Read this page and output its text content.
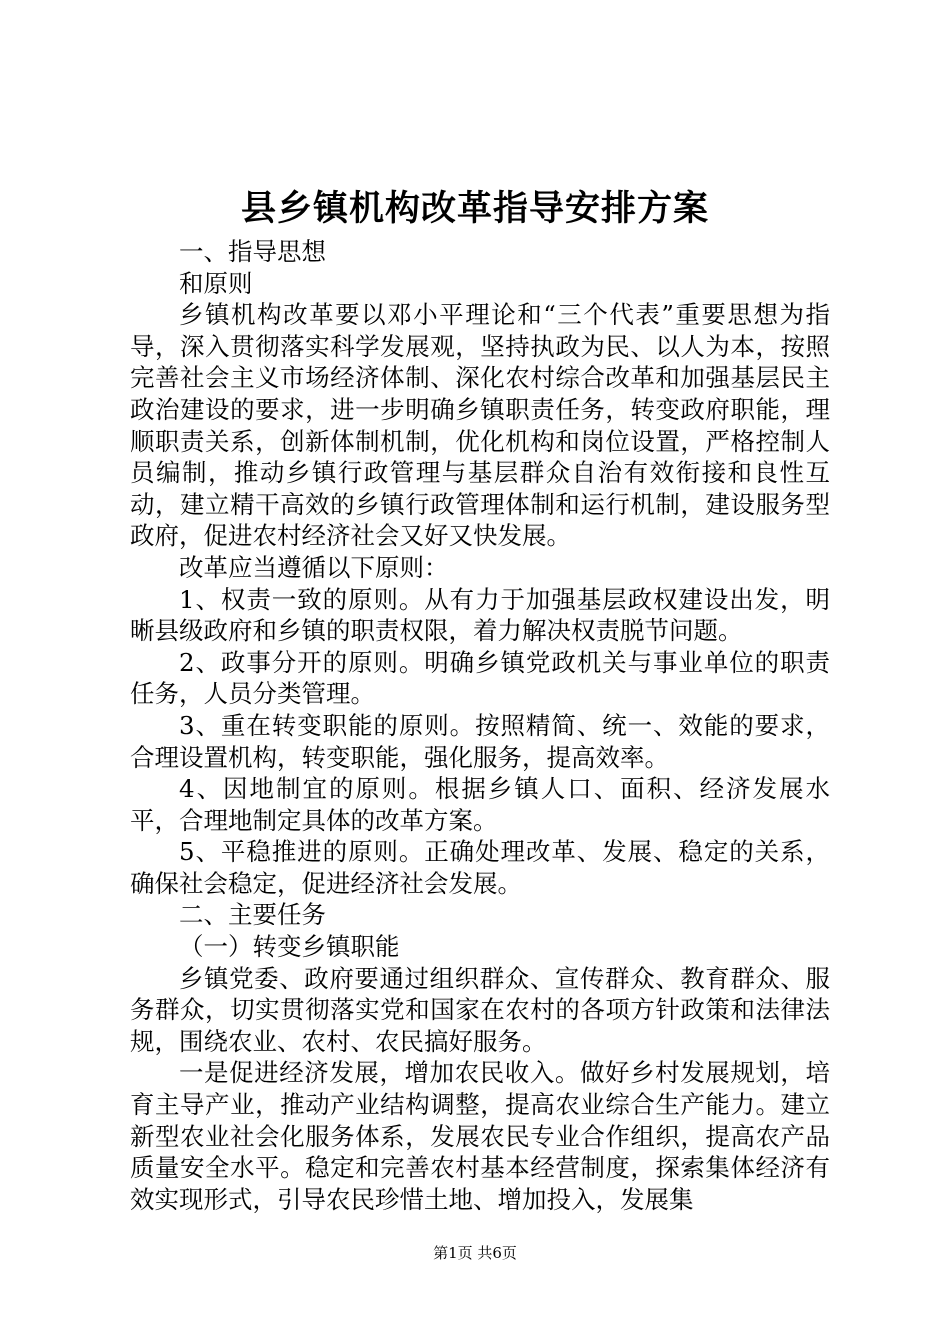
县乡镇机构改革指导安排方案

一、指导思想

和原则

乡镇机构改革要以邓小平理论和“三个代表”重要思想为指导，深入贯彻落实科学发展观，坚持执政为民、以人为本，按照完善社会主义市场经济体制、深化农村综合改革和加强基层民主政治建设的要求，进一步明确乡镇职责任务，转变政府职能，理顺职责关系，创新体制机制，优化机构和岗位设置，严格控制人员编制，推动乡镇行政管理与基层群众自治有效衔接和良性互动，建立精干高效的乡镇行政管理体制和运行机制，建设服务型政府，促进农村经济社会又好又快发展。

改革应当遵循以下原则：

1、权责一致的原则。从有力于加强基层政权建设出发，明晰县级政府和乡镇的职责权限，着力解决权责脱节问题。

2、政事分开的原则。明确乡镇党政机关与事业单位的职责任务，人员分类管理。

3、重在转变职能的原则。按照精简、统一、效能的要求，合理设置机构，转变职能，强化服务，提高效率。

4、因地制宜的原则。根据乡镇人口、面积、经济发展水平，合理地制定具体的改革方案。

5、平稳推进的原则。正确处理改革、发展、稳定的关系，确保社会稳定，促进经济社会发展。

二、主要任务

（一）转变乡镇职能

乡镇党委、政府要通过组织群众、宣传群众、教育群众、服务群众，切实贯彻落实党和国家在农村的各项方针政策和法律法规，围绕农业、农村、农民搞好服务。

一是促进经济发展，增加农民收入。做好乡村发展规划，培育主导产业，推动产业结构调整，提高农业综合生产能力。建立新型农业社会化服务体系，发展农民专业合作组织，提高农产品质量安全水平。稳定和完善农村基本经营制度，探索集体经济有效实现形式，引导农民珍惜土地、增加投入，发展集

第1页 共6页
